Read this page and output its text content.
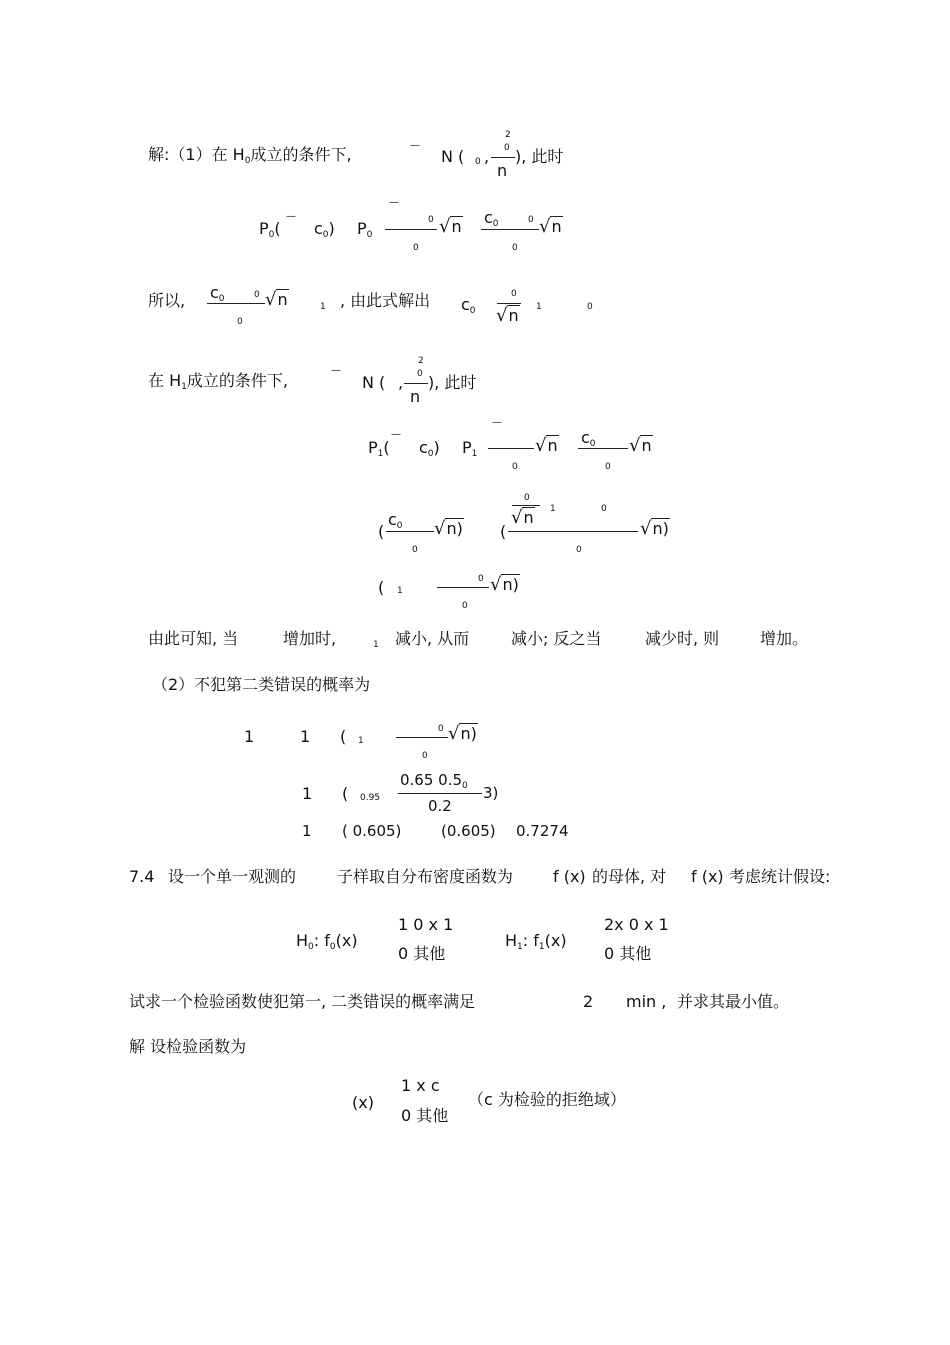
解:（1）在 $H_0$成立的条件下,	—
N ( 0 ,
2
0
n
), 此时
$P_0$(
—
$c_0$) $P_0$
—
0
0
√n $c_0$	0
0
√n
所以, $c_0$	0
0
√n	1 , 由此式解出 $c_0$
0
√n 1	0
在 $H_1$成立的条件下,
—
N ( ,
2
0
n
), 此时
$P_1$(
—
$c_0$) $P_1$
—
0
√n $c_0$
0
√n
(
$c_0$
0
√n) (
0
√n 1	0
0
√n)
( 1
0
0
√n)
由此可知, 当	增加时,	1 减小, 从而	减小; 反之当	减少时, 则	增加。
（2）不犯第二类错误的概率为
1	1 ( 1
0
0
√n)
1 ( 0.95
0.65 $0.5_0$
0.2
3)
1 ( 0.605)	(0.605) 0.7274
7.4 设一个单一观测的	子样取自分布密度函数为 f (x) 的母体, 对 f (x) 考虑统计假设:
$H_0$: $f_0(x)$
1 0 x 1
0 其他
$H_1$: $f_1(x)$
2x 0 x 1
0 其他
试求一个检验函数使犯第一, 二类错误的概率满足	2 min , 并求其最小值。
解 设检验函数为
(x)
1 x c
0 其他
（c 为检验的拒绝域）
